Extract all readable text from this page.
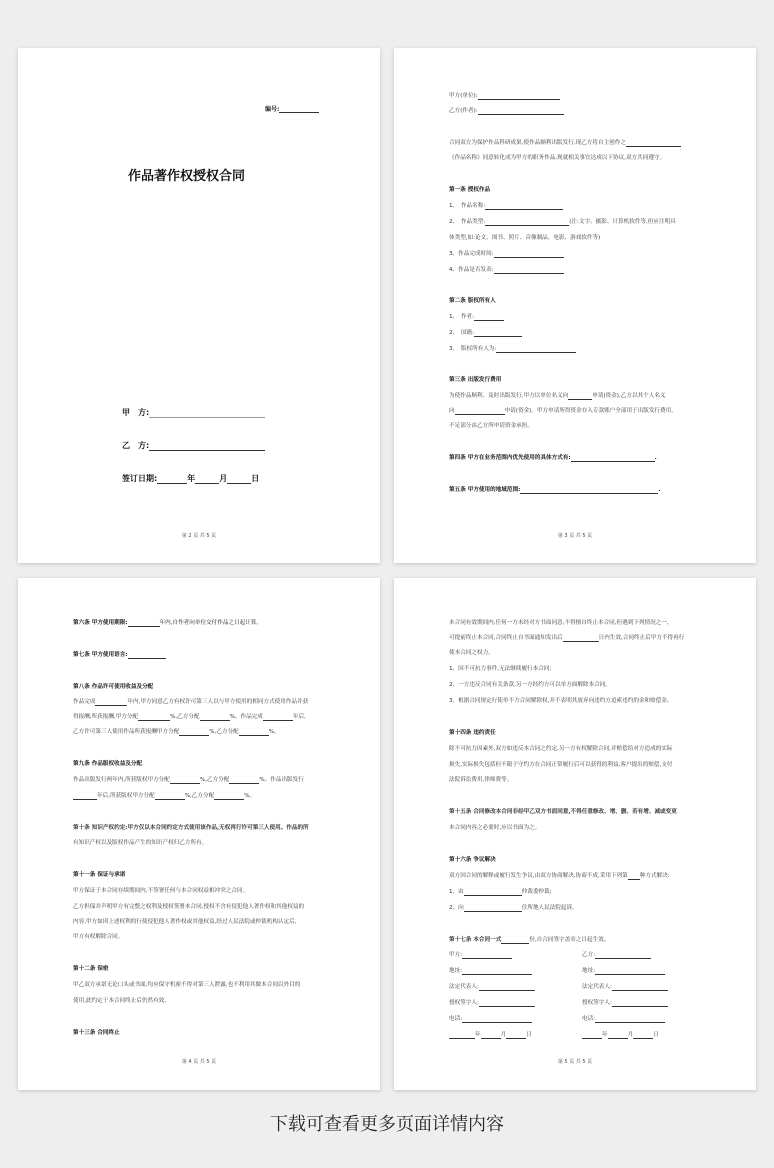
编号:
作品著作权授权合同
甲　方:
乙　方:
签订日期:	年	月	日
第 2 页 共 5 页
甲方(单位):
乙方(作者):
合同双方为保护作品科研成果,使作品顺利出版发行,现乙方将自主创作之
《作品名称》同意转化成为甲方的职务作品,现就相关事宜达成以下协议,双方共同遵守。
第一条 授权作品
1、　作品名称:
2、　作品类型:	(注:文字、摄影、计算机软件等,但应注明具
体类型,如:论文、图书、照片、音像制品、电影、游戏软件等)
3、作品完成时间:
4、作品是否发表:
第二条 版权所有人
1、　作者:
2、　国籍:
3、　版权所有人为:
第三条 出版发行费用
为使作品顺利、及时出版发行,甲方以单位名义向	申请(资金),乙方以其个人名义
向	申请(资金)。甲方申请所得资金存入专款账户全部用于出版发行费用,
不足部分由乙方所申请资金承担。
第四条 甲方在业务范围内优先使用的具体方式有:	.
第五条 甲方使用的地域范围:	.
第 3 页 共 5 页
第六条 甲方使用期限:	年内,自作者向单位交付作品之日起计算。
第七条 甲方使用语言:
第八条 作品许可使用收益及分配
作品完成	年内,甲方同意乙方有权许可第三人以与甲方使用的相同方式使用作品并获
得报酬,所获报酬,甲方分配	%,乙方分配	%。作品完成	年后,
乙方许可第三人使用作品所获报酬甲方分配	%,乙方分配	%。
第九条 作品版权收益及分配
作品出版发行两年内,所获版权甲方分配	%,乙方分配	%。作品出版发行
年后,所获版权甲方分配	%,乙方分配	%。
第十条 知识产权约定:甲方仅以本合同约定方式使用该作品,无权再行许可第三人使用。作品的所
有知识产权以及版权作品产生的知识产权归乙方所有。
第十一条 保证与承诺
甲方保证于本合同存续期间内,不签署任何与本合同权益相冲突之合同。
乙方担保并声明甲方有完整之权利及授权签署本合同,授权不含有侵犯他人著作权和其他权益的
内容,甲方如因上述权利的行使侵犯他人著作权或其他权益,经过人民法院或仲裁机构认定后,
甲方有权解除合同。
第十二条 保密
甲乙双方承诺无论口头或书面,均应保守机密不得对第三人泄露,也不利用其做本合同以外目的
使用,此约定于本合同终止后仍然有效。
第十三条 合同终止
第 4 页 共 5 页
本合同有效期间内,任何一方未经对方书面同意,不得擅自终止本合同,但遇到下列情况之一,
可提前终止本合同,合同终止自书面通知发出后	日内生效,合同终止后甲方不得再行
使本合同之权力。
1、因不可抗力事件,无法继续履行本合同;
2、一方违反合同有关条款,另一方经约方可以单方面解除本合同。
3、根据合同规定行使单不方合同解除权,并不表明其放弃向违约方追索违约的金和赔偿金。
第十四条 违约责任
除不可抗力因素外,双方如违反本合同之约定,另一方有权解除合同,并赔偿给对方造成的实际
损失,实际损失包括但不限于守约方在合同正常履行后可以获得的利益,客户提出的赔偿,支付
法院诉讼费用,律师费等。
第十五条 合同修改本合同非经甲乙双方书面同意,不得任意修改、增、删、若有增、减或变更
本合同内容之必要时,应以书面为之。
第十六条 争议解决
双方因合同的解释或履行发生争议,由双方协商解决,协商不成,采用下列第 种方式解决:
1、由	仲裁委仲裁;
2、向	住所地人民法院起诉。
第十七条 本合同一式	份,自合同签字盖章之日起生效。
甲方:	乙方:
地址:	地址:
法定代表人:	法定代表人:
授权签字人:	授权签字人:
电话:	电话:
年	月	日	年	月	日
第 5 页 共 5 页
下载可查看更多页面详情内容
